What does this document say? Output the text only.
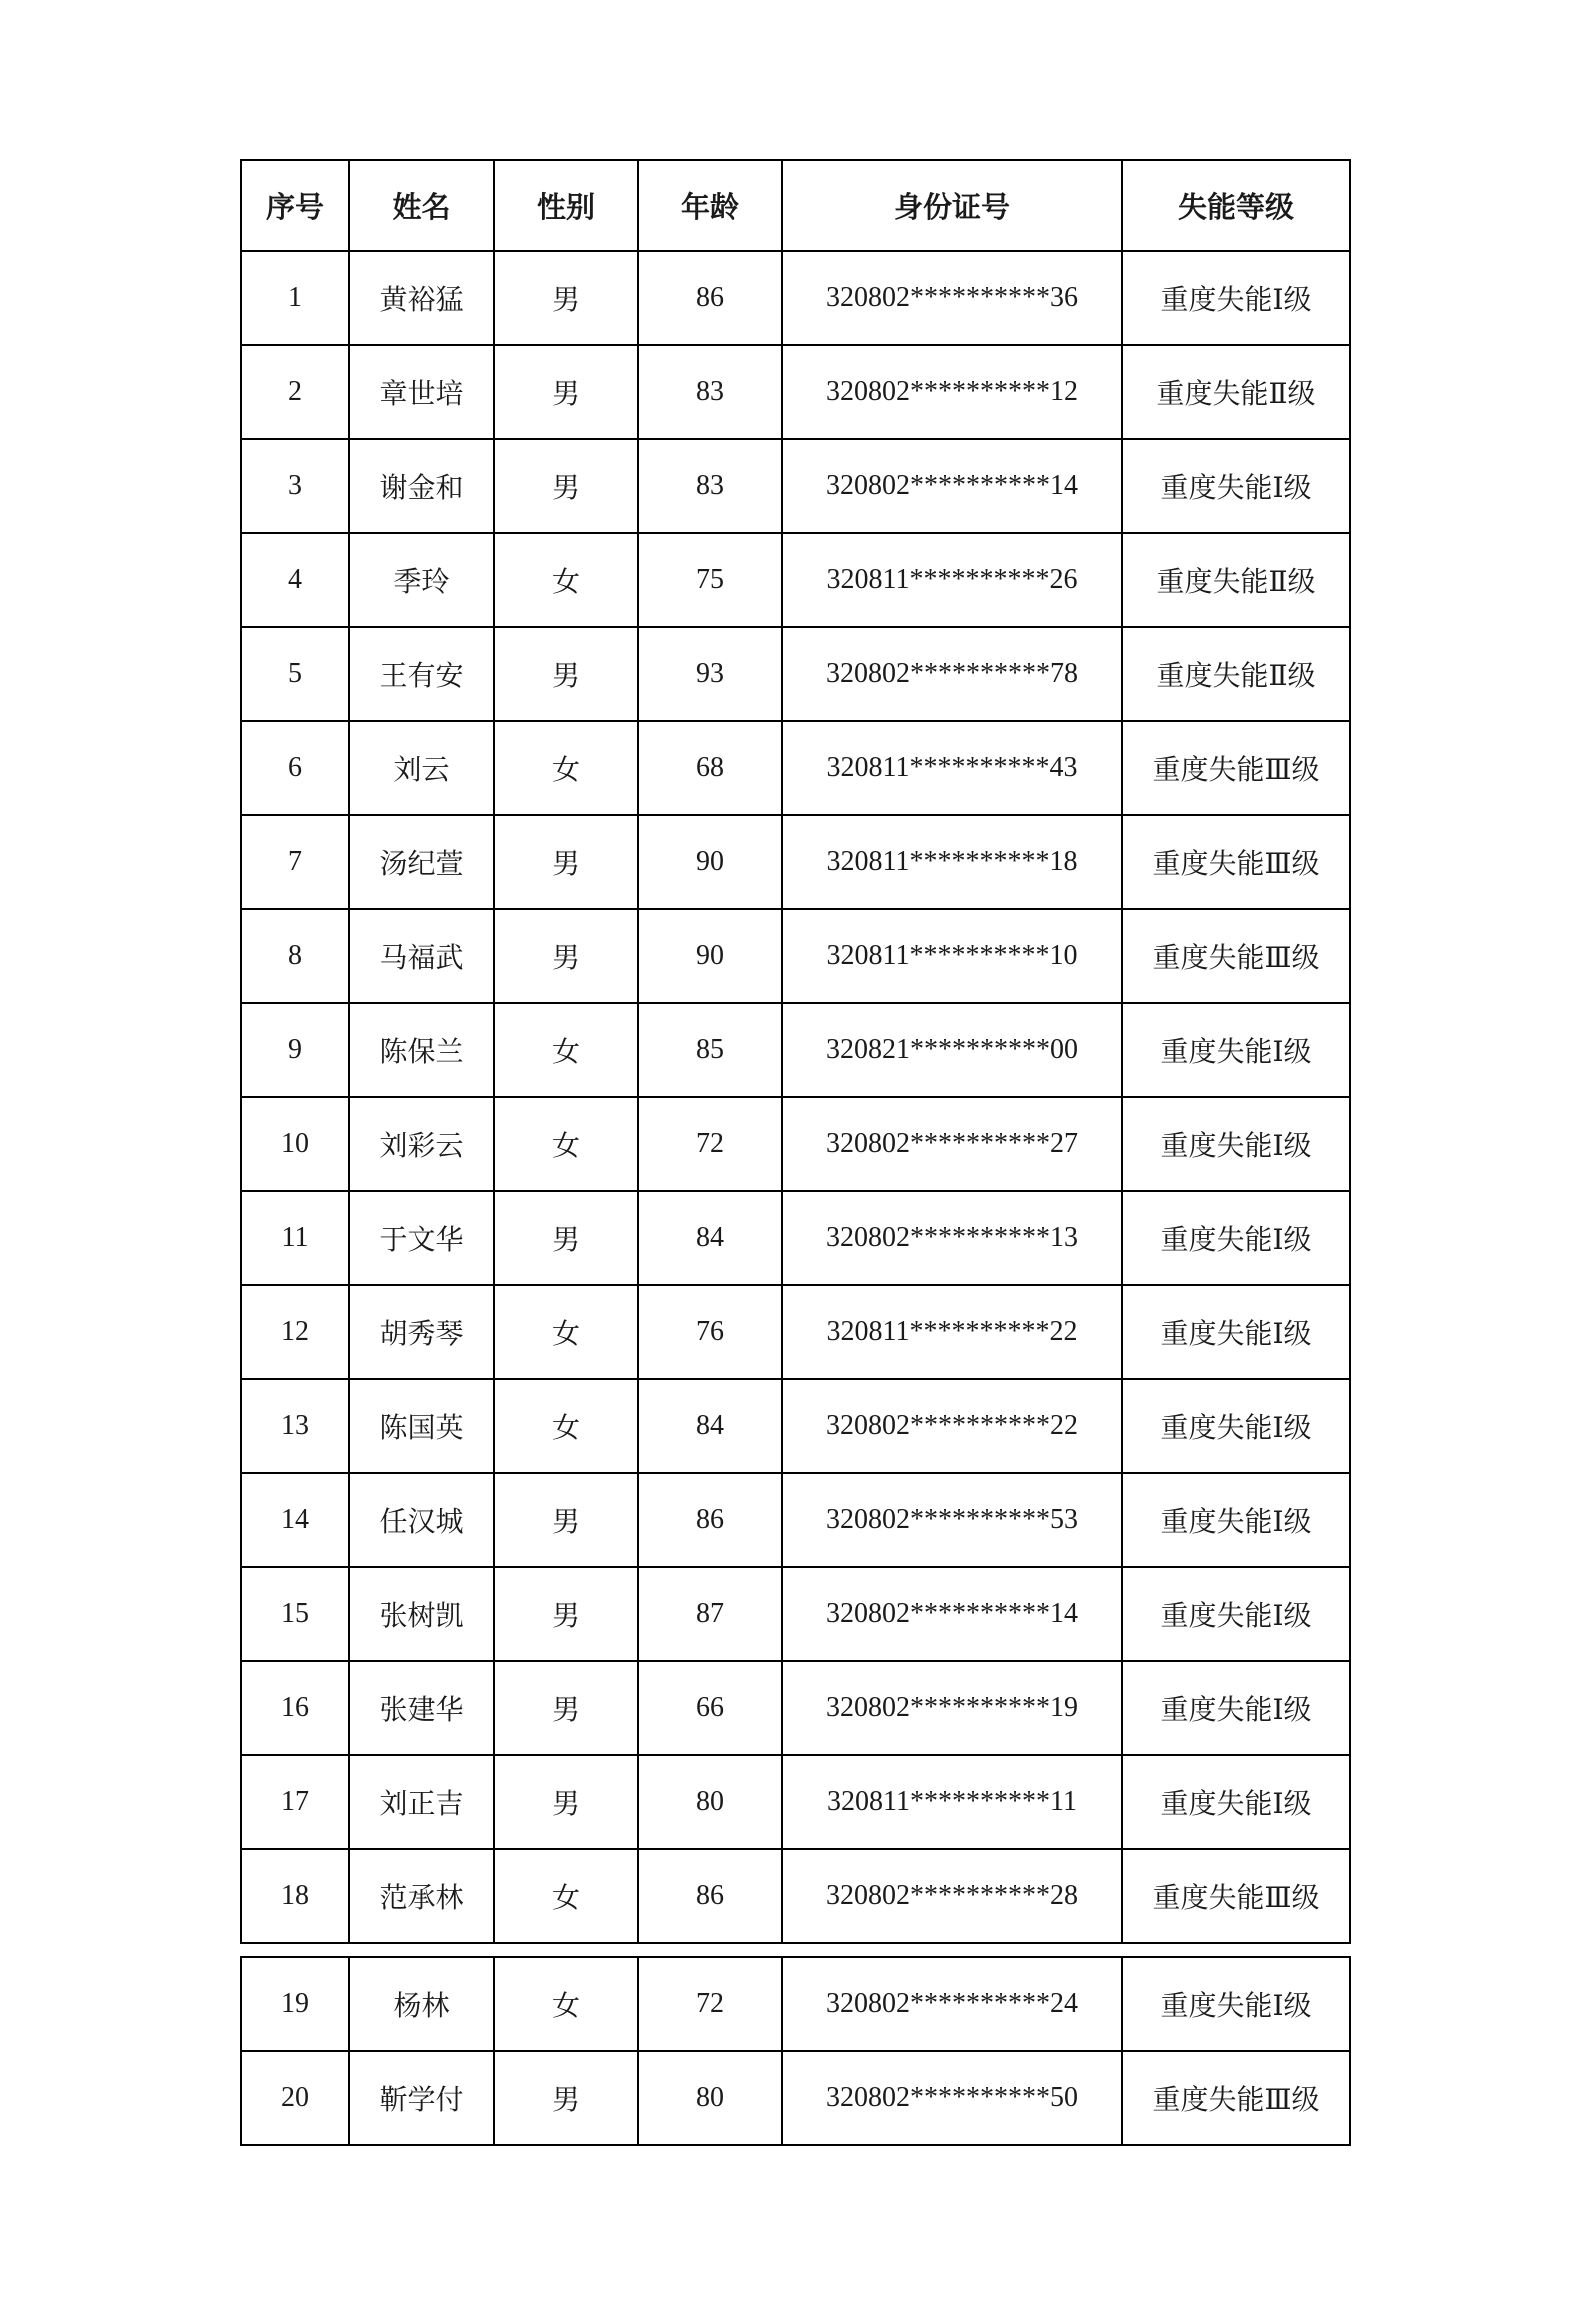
序号	姓名	性别	年龄	身份证号	失能等级
1	黄裕猛	男	86	320802**********36	重度失能Ⅰ级
2	章世培	男	83	320802**********12	重度失能Ⅱ级
3	谢金和	男	83	320802**********14	重度失能Ⅰ级
4	季玲	女	75	320811**********26	重度失能Ⅱ级
5	王有安	男	93	320802**********78	重度失能Ⅱ级
6	刘云	女	68	320811**********43	重度失能Ⅲ级
7	汤纪萱	男	90	320811**********18	重度失能Ⅲ级
8	马福武	男	90	320811**********10	重度失能Ⅲ级
9	陈保兰	女	85	320821**********00	重度失能Ⅰ级
10	刘彩云	女	72	320802**********27	重度失能Ⅰ级
11	于文华	男	84	320802**********13	重度失能Ⅰ级
12	胡秀琴	女	76	320811**********22	重度失能Ⅰ级
13	陈国英	女	84	320802**********22	重度失能Ⅰ级
14	任汉城	男	86	320802**********53	重度失能Ⅰ级
15	张树凯	男	87	320802**********14	重度失能Ⅰ级
16	张建华	男	66	320802**********19	重度失能Ⅰ级
17	刘正吉	男	80	320811**********11	重度失能Ⅰ级
18	范承林	女	86	320802**********28	重度失能Ⅲ级
19	杨林	女	72	320802**********24	重度失能Ⅰ级
20	靳学付	男	80	320802**********50	重度失能Ⅲ级
